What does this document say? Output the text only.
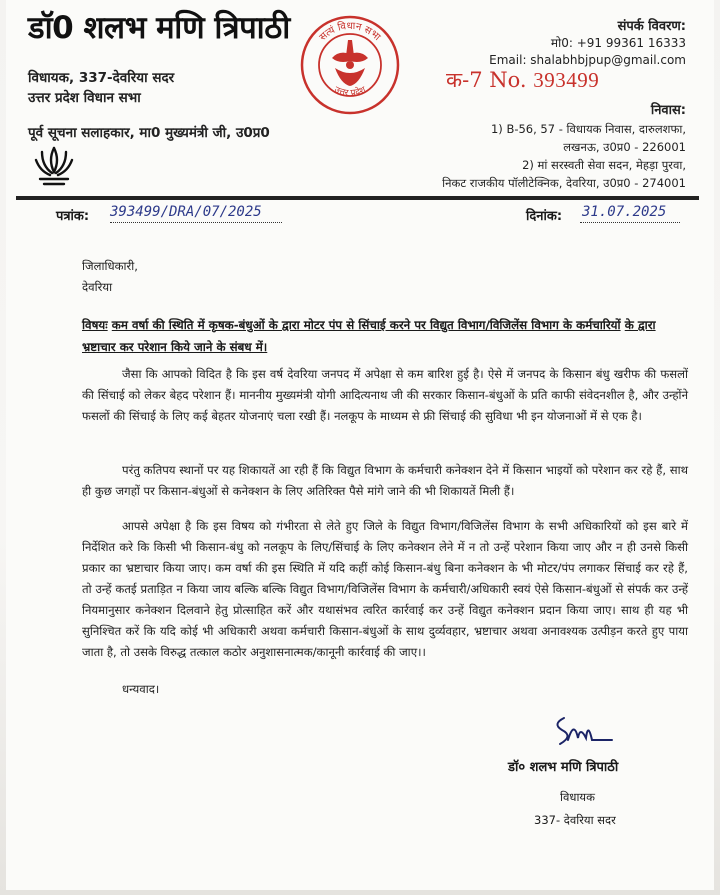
डॉ0 शलभ मणि त्रिपाठी
विधायक, 337-देवरिया सदर
उत्तर प्रदेश विधान सभा
पूर्व सूचना सलाहकार, मा0 मुख्यमंत्री जी, उ0प्र0
सत्यं विधान सभा
उत्तर प्रदेश	क-7 No. 393499
संपर्क विवरण:
मो0: +91 99361 16333
Email: shalabhbjpup@gmail.com
निवास:
1) B-56, 57 - विधायक निवास, दारुलशफा,
लखनऊ, उ0प्र0 - 226001
2) मां सरस्वती सेवा सदन, मेहड़ा पुरवा,
निकट राजकीय पॉलीटेक्निक, देवरिया, उ0प्र0 - 274001
पत्रांक: 393499/DRA/07/2025	दिनांक: 31.07.2025
जिलाधिकारी,
देवरिया
विषयः कम वर्षा की स्थिति में कृषक-बंधुओं के द्वारा मोटर पंप से सिंचाई करने पर विद्युत विभाग/विजिलेंस विभाग के कर्मचारियों के द्वारा भ्रष्टाचार कर परेशान किये जाने के संबध में।
जैसा कि आपको विदित है कि इस वर्ष देवरिया जनपद में अपेक्षा से कम बारिश हुई है। ऐसे में जनपद के किसान बंधु खरीफ की फसलों की सिंचाई को लेकर बेहद परेशान हैं। माननीय मुख्यमंत्री योगी आदित्यनाथ जी की सरकार किसान-बंधुओं के प्रति काफी संवेदनशील है, और उन्होंने फसलों की सिंचाई के लिए कई बेहतर योजनाएं चला रखी हैं। नलकूप के माध्यम से फ्री सिंचाई की सुविधा भी इन योजनाओं में से एक है।
परंतु कतिपय स्थानों पर यह शिकायतें आ रही हैं कि विद्युत विभाग के कर्मचारी कनेक्शन देने में किसान भाइयों को परेशान कर रहे हैं, साथ ही कुछ जगहों पर किसान-बंधुओं से कनेक्शन के लिए अतिरिक्त पैसे मांगे जाने की भी शिकायतें मिली हैं।
आपसे अपेक्षा है कि इस विषय को गंभीरता से लेते हुए जिले के विद्युत विभाग/विजिलेंस विभाग के सभी अधिकारियों को इस बारे में निर्देशित करे कि किसी भी किसान-बंधु को नलकूप के लिए/सिंचाई के लिए कनेक्शन लेने में न तो उन्हें परेशान किया जाए और न ही उनसे किसी प्रकार का भ्रष्टाचार किया जाए। कम वर्षा की इस स्थिति में यदि कहीं कोई किसान-बंधु बिना कनेक्शन के भी मोटर/पंप लगाकर सिंचाई कर रहे हैं, तो उन्हें कतई प्रताड़ित न किया जाय बल्कि बल्कि विद्युत विभाग/विजिलेंस विभाग के कर्मचारी/अधिकारी स्वयं ऐसे किसान-बंधुओं से संपर्क कर उन्हें नियमानुसार कनेक्शन दिलवाने हेतु प्रोत्साहित करें और यथासंभव त्वरित कार्रवाई कर उन्हें विद्युत कनेक्शन प्रदान किया जाए। साथ ही यह भी सुनिश्चित करें कि यदि कोई भी अधिकारी अथवा कर्मचारी किसान-बंधुओं के साथ दुर्व्यवहार, भ्रष्टाचार अथवा अनावश्यक उत्पीड़न करते हुए पाया जाता है, तो उसके विरुद्ध तत्काल कठोर अनुशासनात्मक/कानूनी कार्रवाई की जाए।।
धन्यवाद।
डॉ० शलभ मणि त्रिपाठी
विधायक
337- देवरिया सदर
